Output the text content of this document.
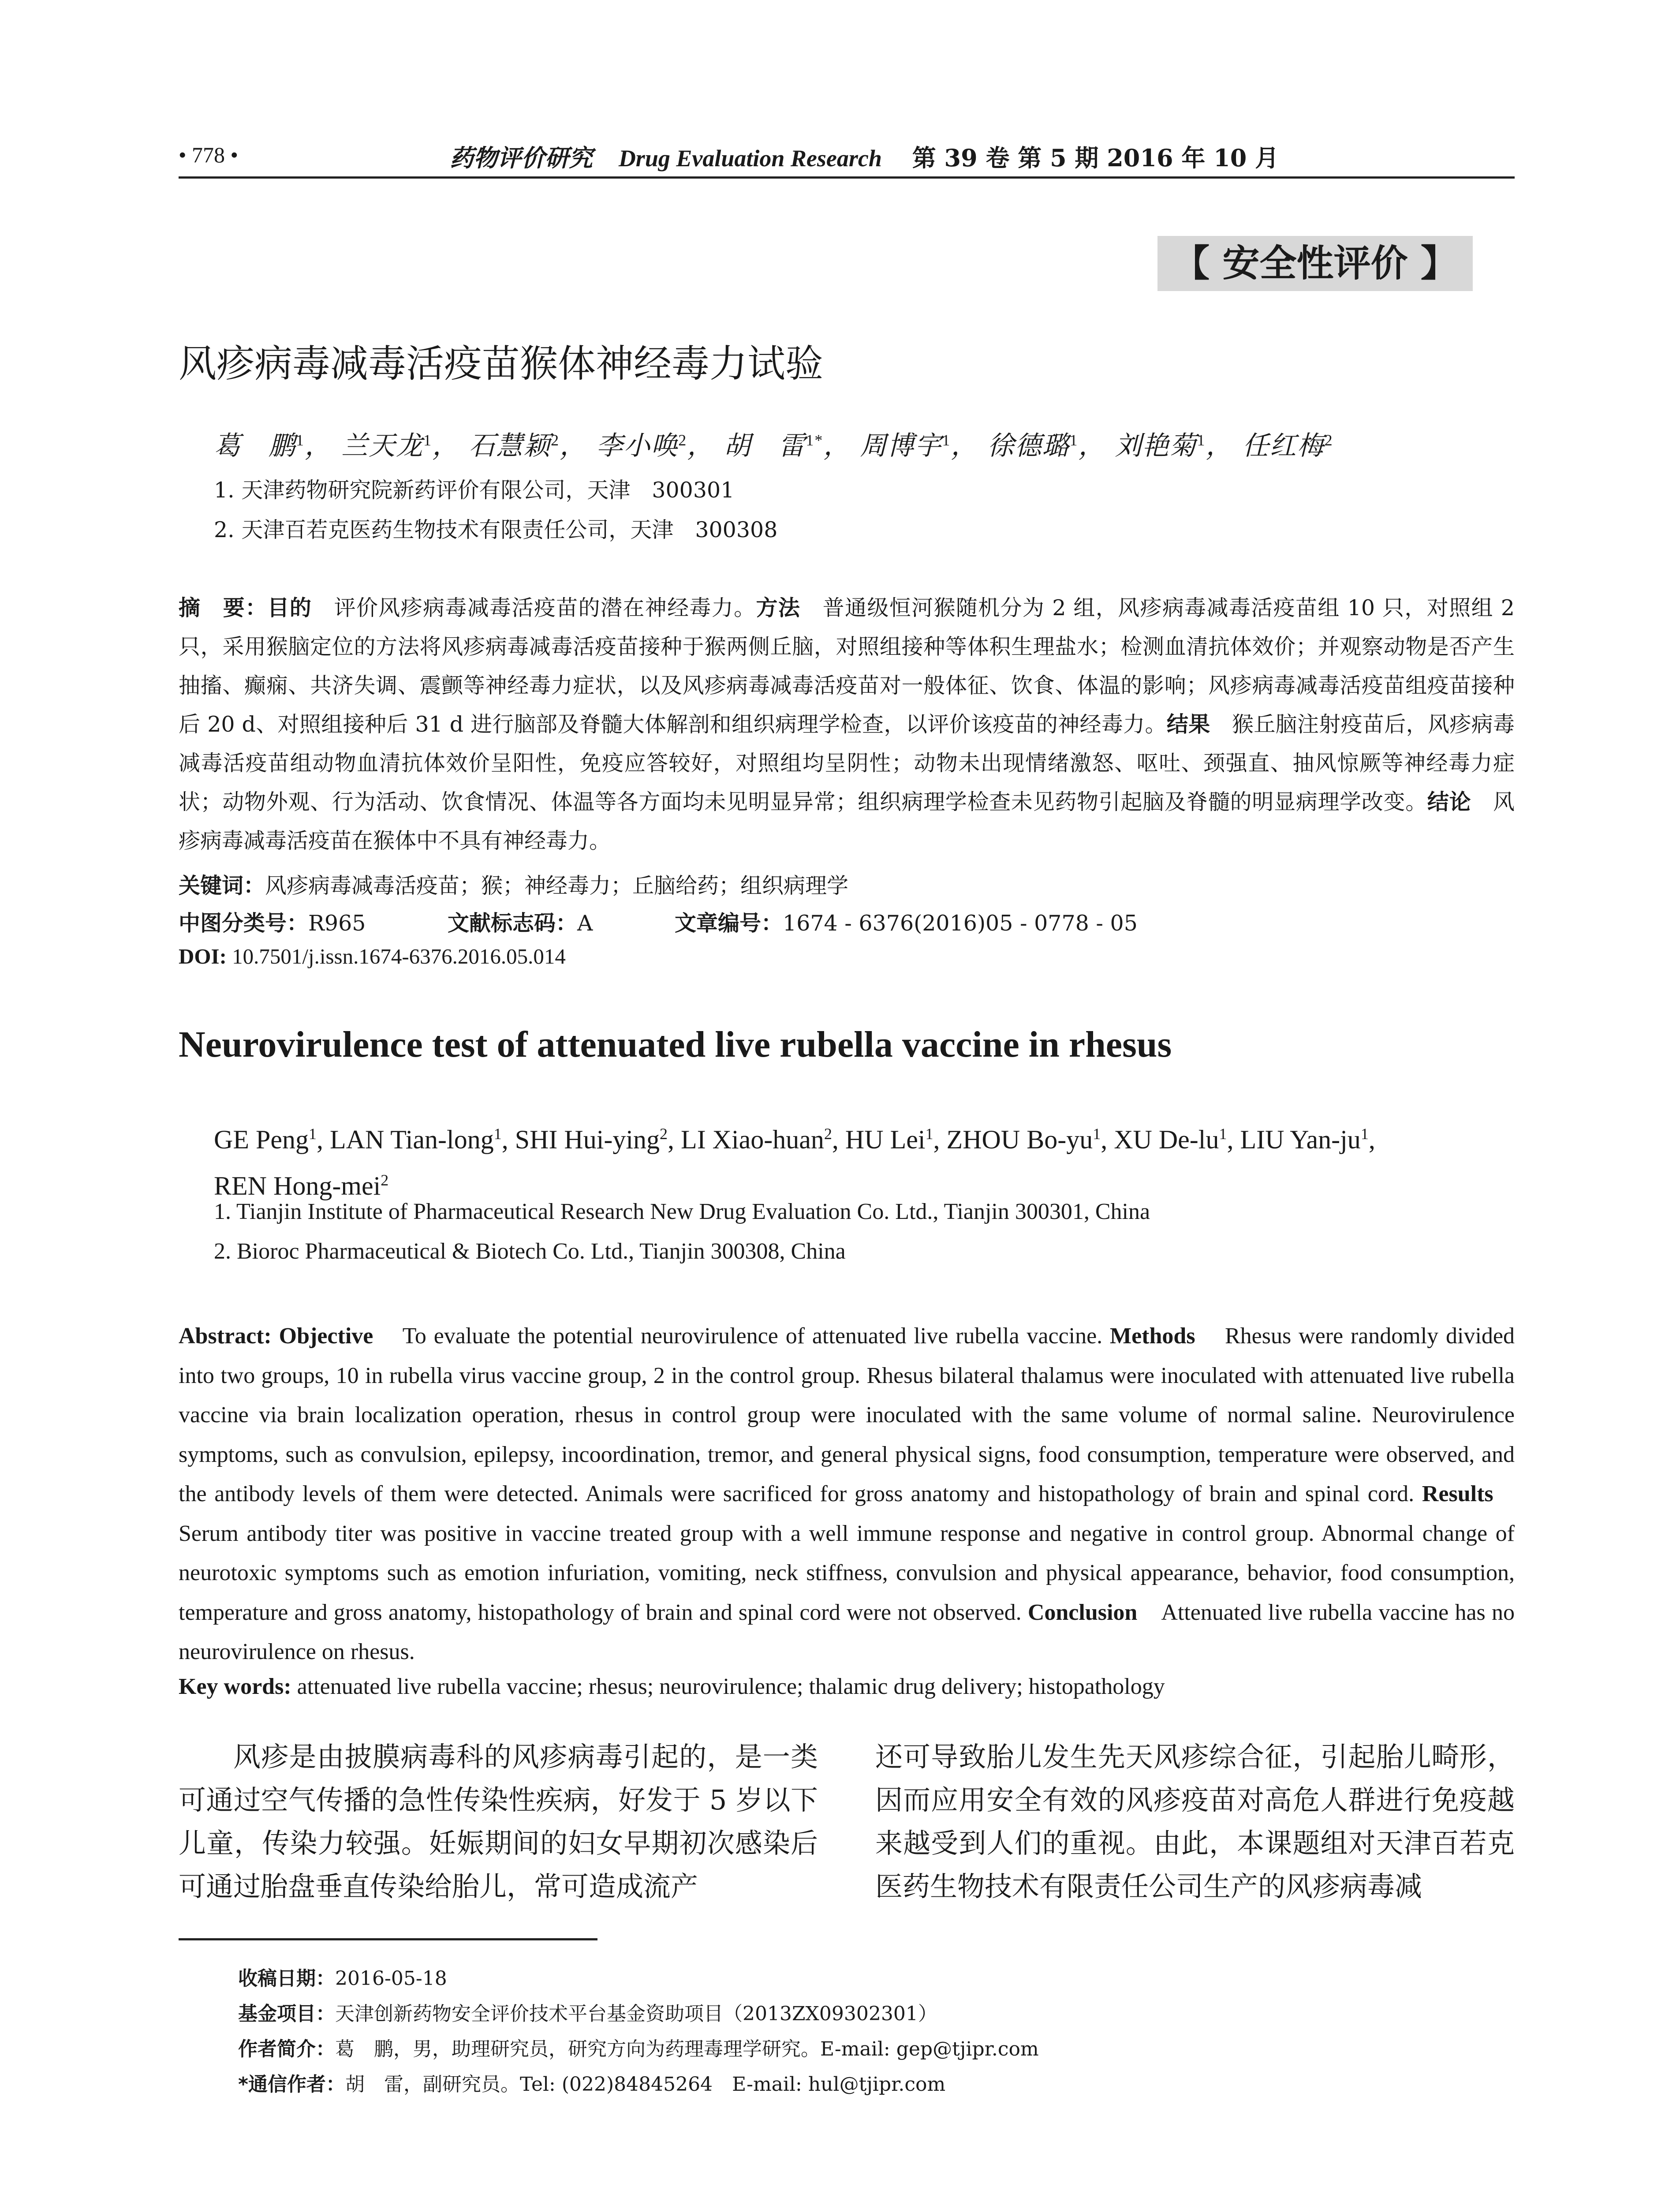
• 778 •	药物评价研究 Drug Evaluation Research 第 39 卷 第 5 期 2016 年 10 月
【 安全性评价 】
风疹病毒减毒活疫苗猴体神经毒力试验
葛　鹏$^1$， 兰天龙$^1$， 石慧颖$^2$， 李小唤$^2$， 胡　雷$^{1*}$， 周博宇$^1$， 徐德璐$^1$， 刘艳菊$^1$， 任红梅$^2$
1. 天津药物研究院新药评价有限公司，天津　300301
2. 天津百若克医药生物技术有限责任公司，天津　300308
摘　要：目的　 评价风疹病毒减毒活疫苗的潜在神经毒力。方法　 普通级恒河猴随机分为 2 组，风疹病毒减毒活疫苗组 10 只，对照组 2 只，采用猴脑定位的方法将风疹病毒减毒活疫苗接种于猴两侧丘脑，对照组接种等体积生理盐水；检测血清抗体效价；并观察动物是否产生抽搐、癫痫、共济失调、震颤等神经毒力症状，以及风疹病毒减毒活疫苗对一般体征、饮食、体温的影响；风疹病毒减毒活疫苗组疫苗接种后 20 d、对照组接种后 31 d 进行脑部及脊髓大体解剖和组织病理学检查，以评价该疫苗的神经毒力。结果　 猴丘脑注射疫苗后，风疹病毒减毒活疫苗组动物血清抗体效价呈阳性，免疫应答较好，对照组均呈阴性；动物未出现情绪激怒、呕吐、颈强直、抽风惊厥等神经毒力症状；动物外观、行为活动、饮食情况、体温等各方面均未见明显异常；组织病理学检查未见药物引起脑及脊髓的明显病理学改变。结论　 风疹病毒减毒活疫苗在猴体中不具有神经毒力。
关键词：风疹病毒减毒活疫苗；猴；神经毒力；丘脑给药；组织病理学
中图分类号：R965	文献标志码：A	文章编号：1674 - 6376(2016)05 - 0778 - 05
DOI: 10.7501/j.issn.1674-6376.2016.05.014
Neurovirulence test of attenuated live rubella vaccine in rhesus
GE Peng$^1$, LAN Tian-long$^1$, SHI Hui-ying$^2$, LI Xiao-huan$^2$, HU Lei$^1$, ZHOU $Bo-yu^1$, XU $De-lu^1$, LIU Yan-$ju^1$,
REN Hong-mei$^2$
1. Tianjin Institute of Pharmaceutical Research New Drug Evaluation Co. Ltd., Tianjin 300301, China
2. Bioroc Pharmaceutical & Biotech Co. Ltd., Tianjin 300308, China
Abstract: Objective To evaluate the potential neurovirulence of attenuated live rubella vaccine. Methods Rhesus were randomly divided into two groups, 10 in rubella virus vaccine group, 2 in the control group. Rhesus bilateral thalamus were inoculated with attenuated live rubella vaccine via brain localization operation, rhesus in control group were inoculated with the same volume of normal saline. Neurovirulence symptoms, such as convulsion, epilepsy, incoordination, tremor, and general physical signs, food consumption, temperature were observed, and the antibody levels of them were detected. Animals were sacrificed for gross anatomy and histopathology of brain and spinal cord. Results    Serum antibody titer was positive in vaccine treated group with a well immune response and negative in control group. Abnormal change of neurotoxic symptoms such as emotion infuriation, vomiting, neck stiffness, convulsion and physical appearance, behavior, food consumption, temperature and gross anatomy, histopathology of brain and spinal cord were not observed. Conclusion Attenuated live rubella vaccine has no neurovirulence on rhesus.
Key words: attenuated live rubella vaccine; rhesus; neurovirulence; thalamic drug delivery; histopathology
风疹是由披膜病毒科的风疹病毒引起的，是一类可通过空气传播的急性传染性疾病，好发于 5 岁以下儿童，传染力较强。妊娠期间的妇女早期初次感染后可通过胎盘垂直传染给胎儿，常可造成流产
还可导致胎儿发生先天风疹综合征，引起胎儿畸形，因而应用安全有效的风疹疫苗对高危人群进行免疫越来越受到人们的重视。由此，本课题组对天津百若克医药生物技术有限责任公司生产的风疹病毒减
收稿日期：2016-05-18
基金项目：天津创新药物安全评价技术平台基金资助项目（2013ZX09302301）
作者简介：葛　鹏，男，助理研究员，研究方向为药理毒理学研究。E-mail: gep@tjipr.com
*通信作者：胡　雷，副研究员。Tel: (022)84845264　E-mail: hul@tjipr.com
